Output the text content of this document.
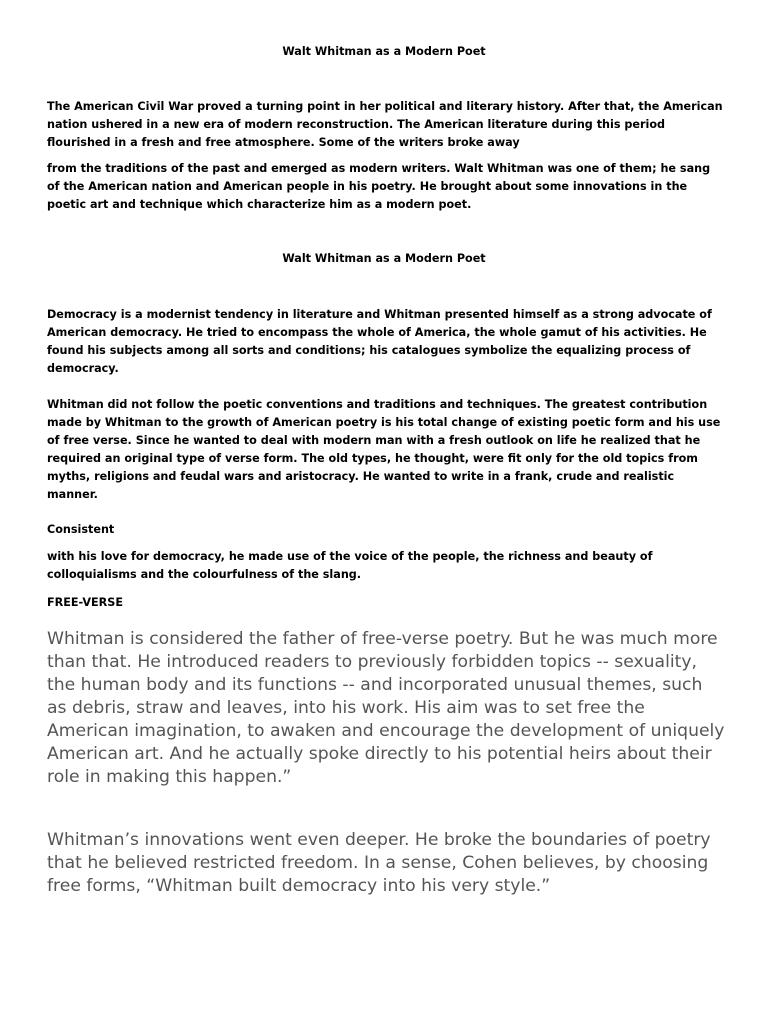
Walt Whitman as a Modern Poet

The American Civil War proved a turning point in her political and literary history. After that, the American nation ushered in a new era of modern reconstruction. The American literature during this period flourished in a fresh and free atmosphere. Some of the writers broke away

from the traditions of the past and emerged as modern writers. Walt Whitman was one of them; he sang of the American nation and American people in his poetry. He brought about some innovations in the poetic art and technique which characterize him as a modern poet.

Walt Whitman as a Modern Poet

Democracy is a modernist tendency in literature and Whitman presented himself as a strong advocate of American democracy. He tried to encompass the whole of America, the whole gamut of his activities. He found his subjects among all sorts and conditions; his catalogues symbolize the equalizing process of democracy.

Whitman did not follow the poetic conventions and traditions and techniques. The greatest contribution made by Whitman to the growth of American poetry is his total change of existing poetic form and his use of free verse. Since he wanted to deal with modern man with a fresh outlook on life he realized that he required an original type of verse form. The old types, he thought, were fit only for the old topics from myths, religions and feudal wars and aristocracy. He wanted to write in a frank, crude and realistic manner.

Consistent

with his love for democracy, he made use of the voice of the people, the richness and beauty of colloquialisms and the colourfulness of the slang.

FREE-VERSE

Whitman is considered the father of free-verse poetry. But he was much more than that. He introduced readers to previously forbidden topics -- sexuality, the human body and its functions -- and incorporated unusual themes, such as debris, straw and leaves, into his work. His aim was to set free the American imagination, to awaken and encourage the development of uniquely American art. And he actually spoke directly to his potential heirs about their role in making this happen.”

Whitman’s innovations went even deeper. He broke the boundaries of poetry that he believed restricted freedom. In a sense, Cohen believes, by choosing free forms, “Whitman built democracy into his very style.”
